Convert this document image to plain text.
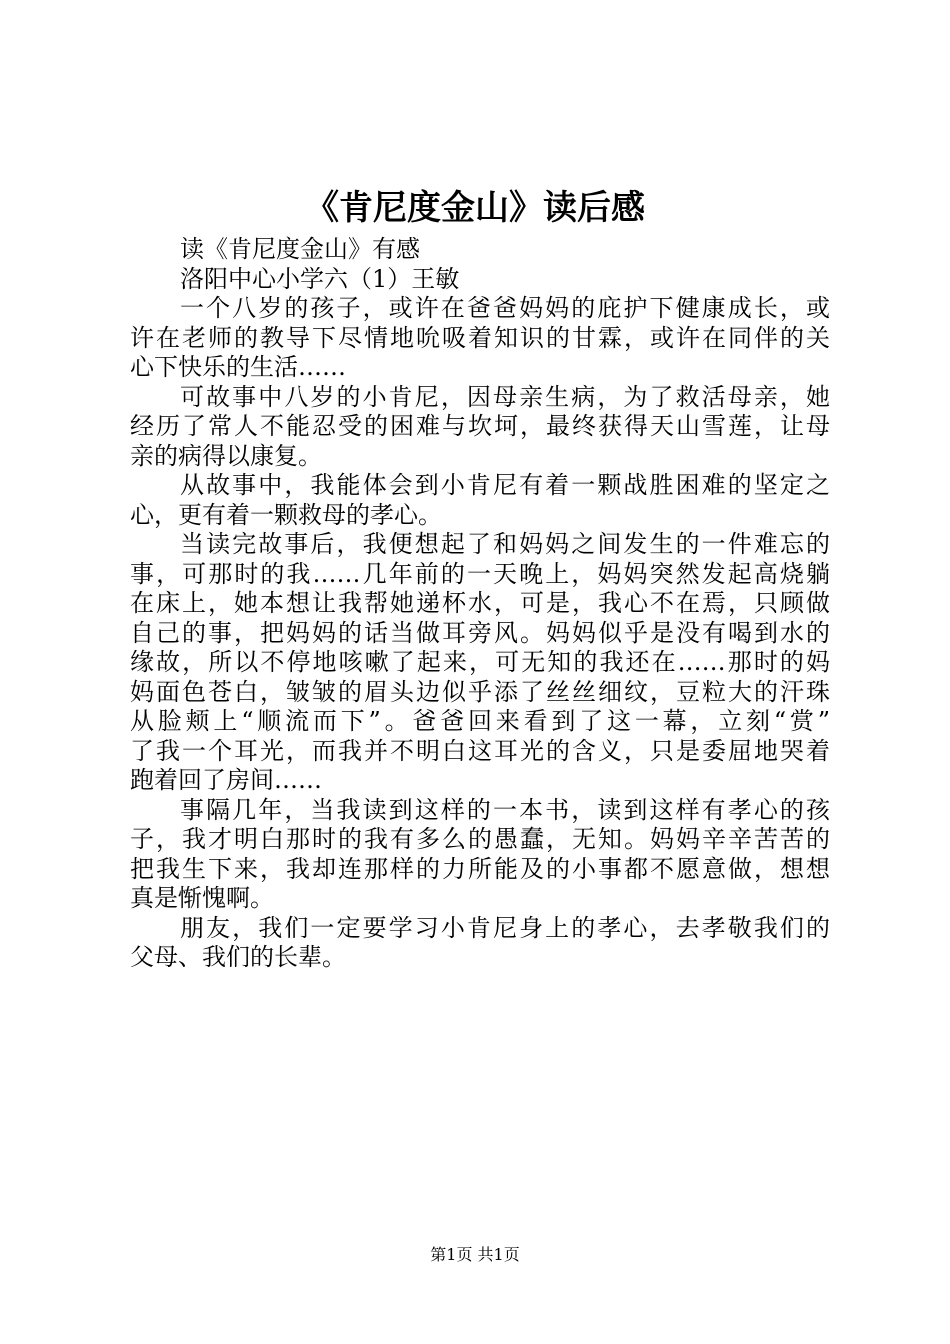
《肯尼度金山》读后感
读《肯尼度金山》有感
洛阳中心小学六（1）王敏
一个八岁的孩子，或许在爸爸妈妈的庇护下健康成长，或
许在老师的教导下尽情地吮吸着知识的甘霖，或许在同伴的关
心下快乐的生活……
可故事中八岁的小肯尼，因母亲生病，为了救活母亲，她
经历了常人不能忍受的困难与坎坷，最终获得天山雪莲，让母
亲的病得以康复。
从故事中，我能体会到小肯尼有着一颗战胜困难的坚定之
心，更有着一颗救母的孝心。
当读完故事后，我便想起了和妈妈之间发生的一件难忘的
事，可那时的我……几年前的一天晚上，妈妈突然发起高烧躺
在床上，她本想让我帮她递杯水，可是，我心不在焉，只顾做
自己的事，把妈妈的话当做耳旁风。妈妈似乎是没有喝到水的
缘故，所以不停地咳嗽了起来，可无知的我还在……那时的妈
妈面色苍白，皱皱的眉头边似乎添了丝丝细纹，豆粒大的汗珠
从脸颊上“顺流而下”。爸爸回来看到了这一幕，立刻“赏”
了我一个耳光，而我并不明白这耳光的含义，只是委屈地哭着
跑着回了房间……
事隔几年，当我读到这样的一本书，读到这样有孝心的孩
子，我才明白那时的我有多么的愚蠢，无知。妈妈辛辛苦苦的
把我生下来，我却连那样的力所能及的小事都不愿意做，想想
真是惭愧啊。
朋友，我们一定要学习小肯尼身上的孝心，去孝敬我们的
父母、我们的长辈。
第1页 共1页
